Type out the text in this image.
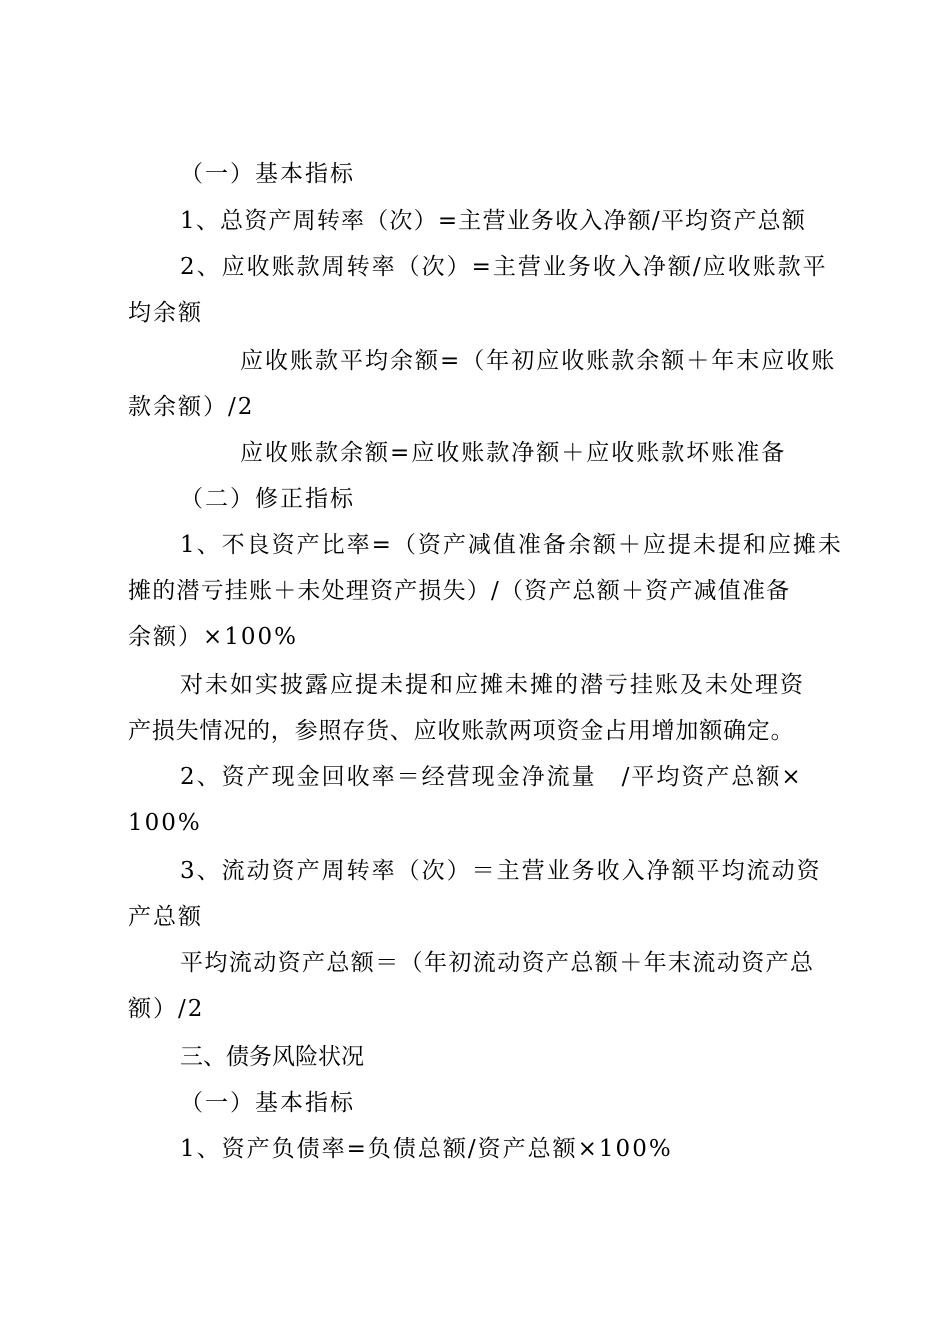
（一）基本指标
1、总资产周转率（次）=主营业务收入净额/平均资产总额
2、应收账款周转率（次）=主营业务收入净额/应收账款平
均余额
应收账款平均余额=（年初应收账款余额＋年末应收账
款余额）/2
应收账款余额=应收账款净额＋应收账款坏账准备
（二）修正指标
1、不良资产比率=（资产减值准备余额＋应提未提和应摊未
摊的潜亏挂账＋未处理资产损失）/（资产总额＋资产减值准备
余额）×100%
对未如实披露应提未提和应摊未摊的潜亏挂账及未处理资
产损失情况的，参照存货、应收账款两项资金占用增加额确定。
2、资产现金回收率＝经营现金净流量　/平均资产总额×
100%
3、流动资产周转率（次）＝主营业务收入净额平均流动资
产总额
平均流动资产总额＝（年初流动资产总额＋年末流动资产总
额）/2
三、债务风险状况
（一）基本指标
1、资产负债率=负债总额/资产总额×100%
